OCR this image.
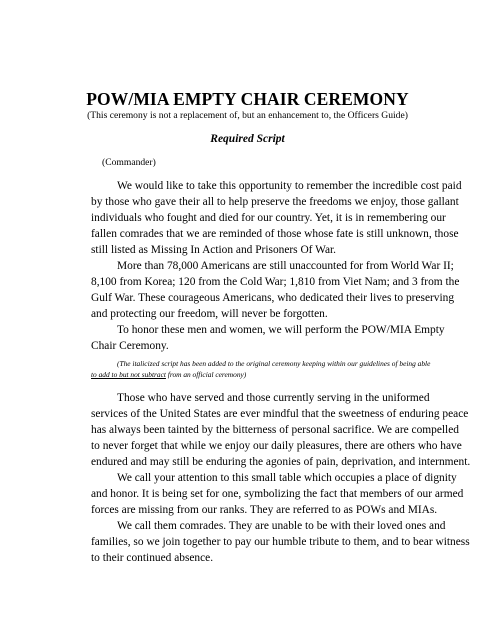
POW/MIA EMPTY CHAIR CEREMONY

(This ceremony is not a replacement of, but an enhancement to, the Officers Guide)

Required Script

(Commander)

We would like to take this opportunity to remember the incredible cost paid
by those who gave their all to help preserve the freedoms we enjoy, those gallant
individuals who fought and died for our country. Yet, it is in remembering our
fallen comrades that we are reminded of those whose fate is still unknown, those
still listed as Missing In Action and Prisoners Of War.

More than 78,000 Americans are still unaccounted for from World War II;
8,100 from Korea; 120 from the Cold War; 1,810 from Viet Nam; and 3 from the
Gulf War. These courageous Americans, who dedicated their lives to preserving
and protecting our freedom, will never be forgotten.

To honor these men and women, we will perform the POW/MIA Empty
Chair Ceremony.

(The italicized script has been added to the original ceremony keeping within our guidelines of being able
to add to but not subtract from an official ceremony)

Those who have served and those currently serving in the uniformed
services of the United States are ever mindful that the sweetness of enduring peace
has always been tainted by the bitterness of personal sacrifice. We are compelled
to never forget that while we enjoy our daily pleasures, there are others who have
endured and may still be enduring the agonies of pain, deprivation, and internment.

We call your attention to this small table which occupies a place of dignity
and honor. It is being set for one, symbolizing the fact that members of our armed
forces are missing from our ranks. They are referred to as POWs and MIAs.

We call them comrades. They are unable to be with their loved ones and
families, so we join together to pay our humble tribute to them, and to bear witness
to their continued absence.
